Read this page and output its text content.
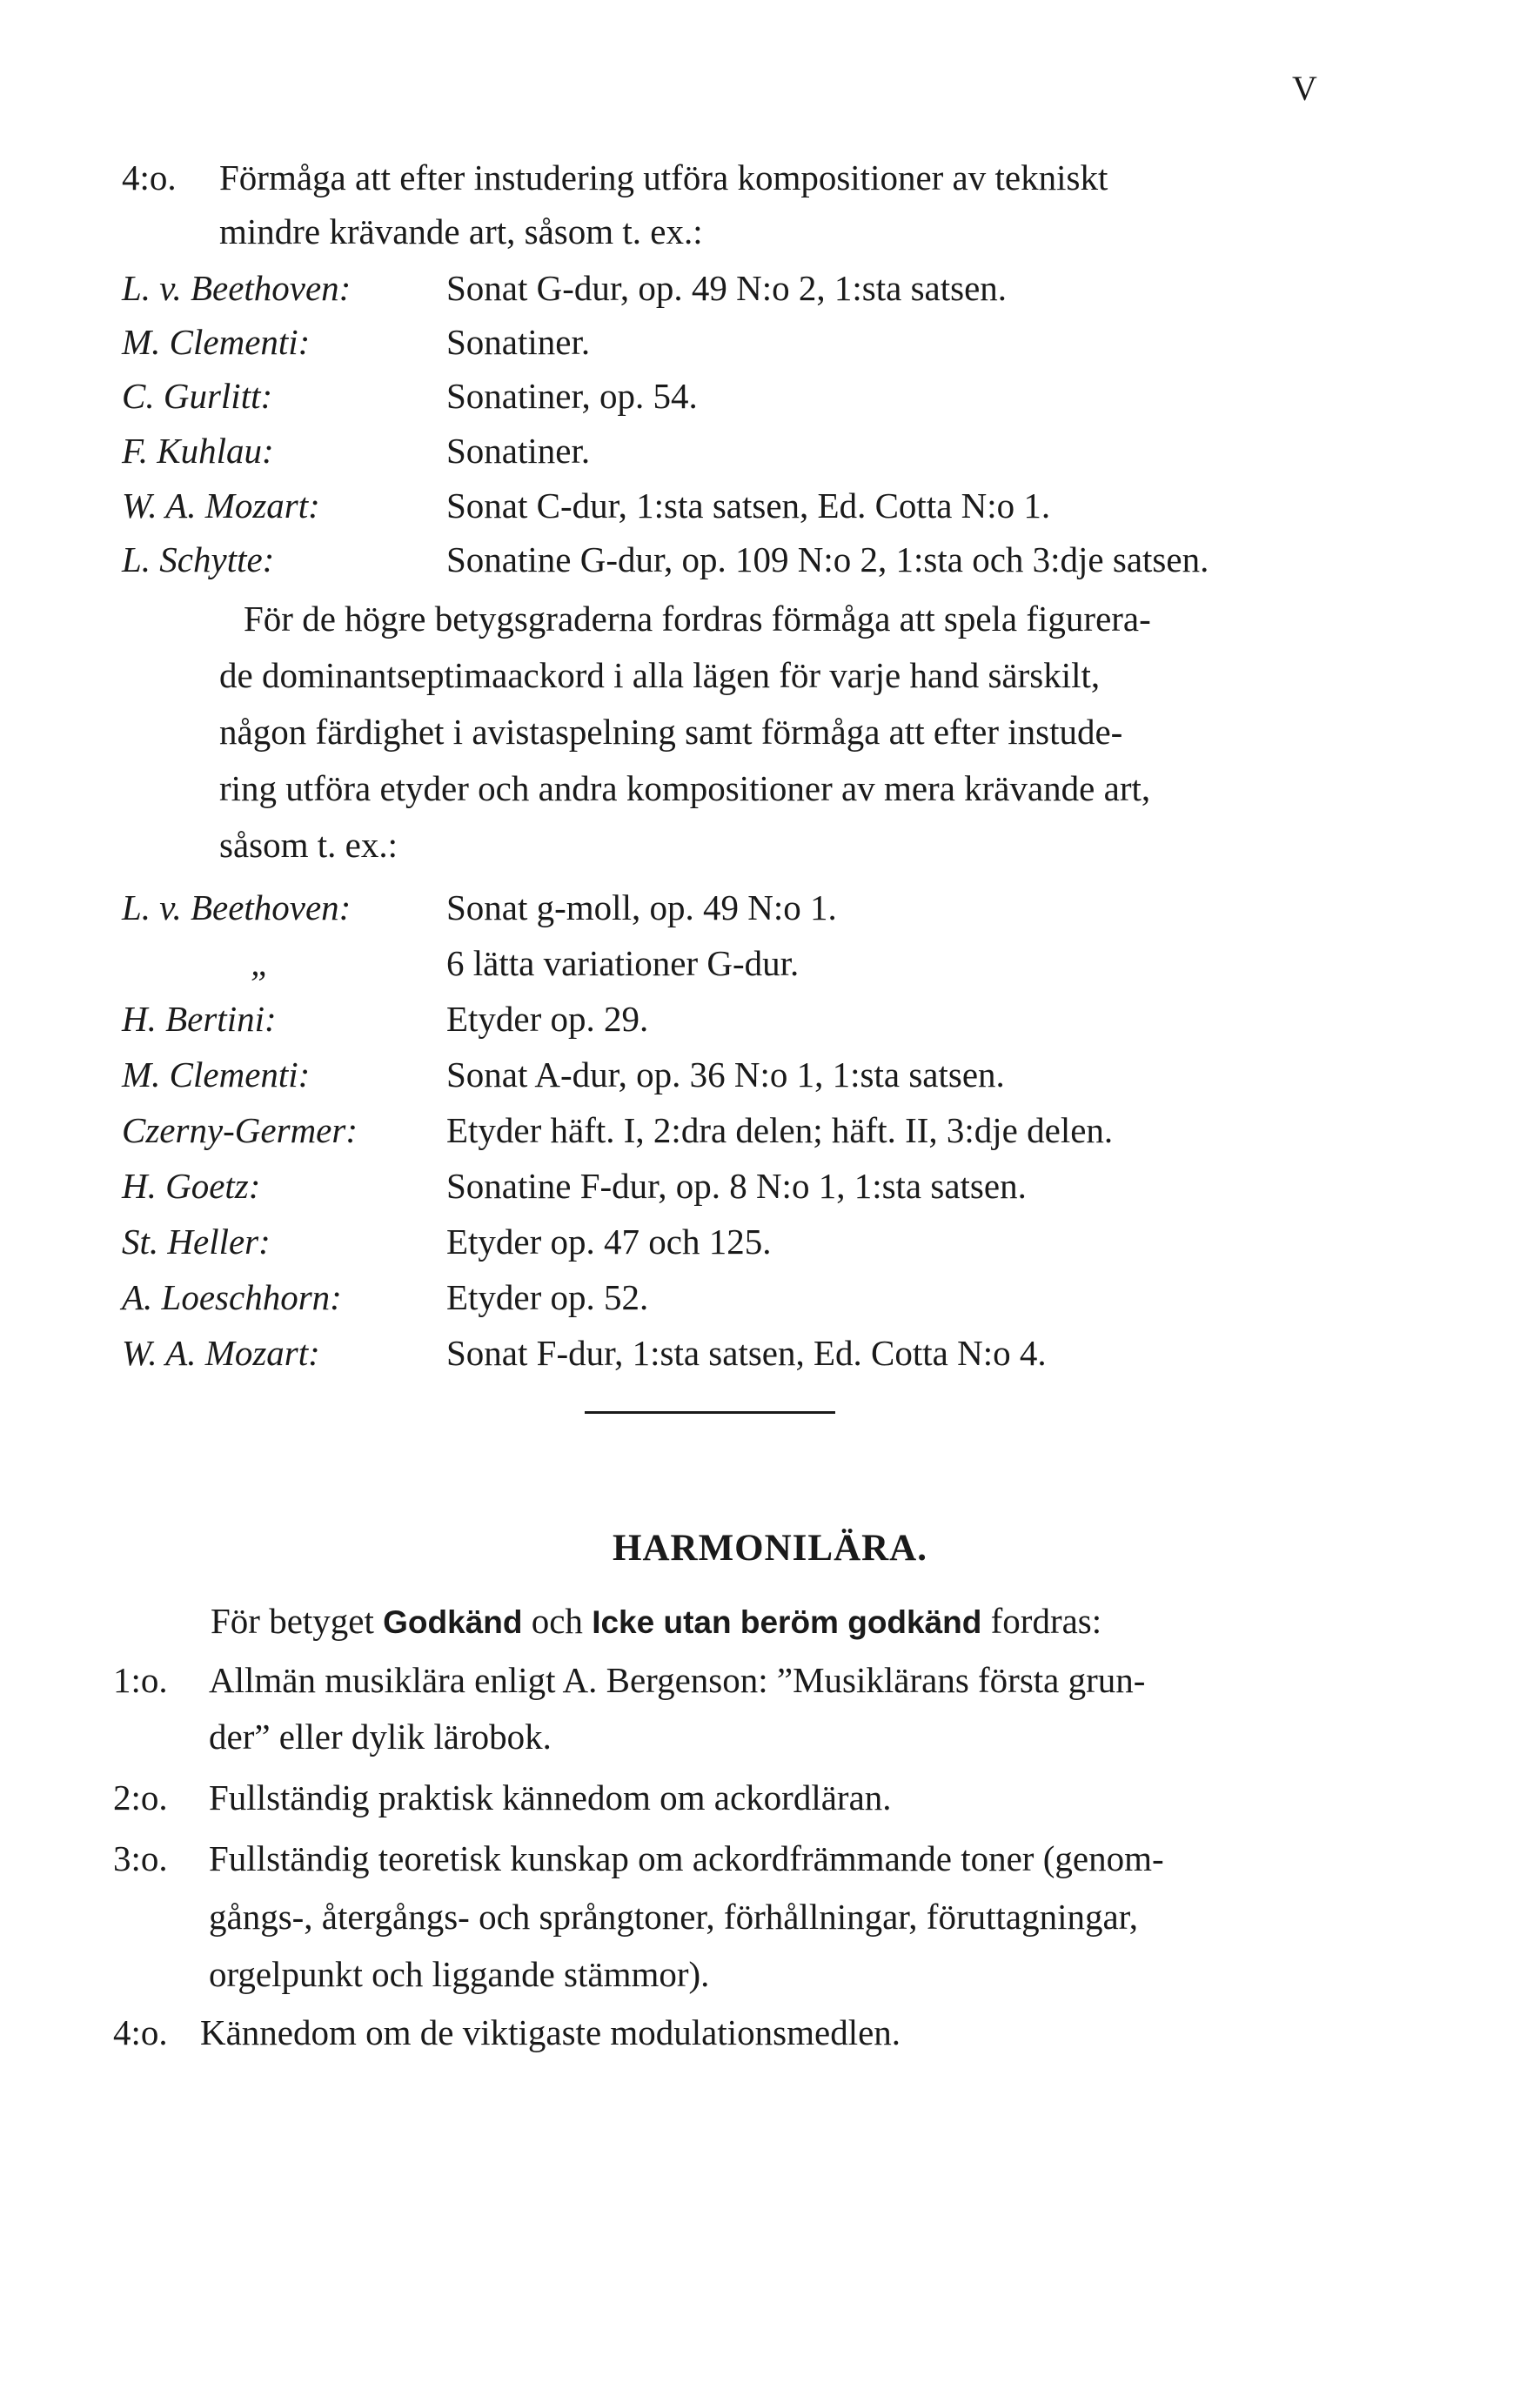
V
4:o. Förmåga att efter instudering utföra kompositioner av tekniskt
mindre krävande art, såsom t. ex.:
L. v. Beethoven:	Sonat G-dur, op. 49 N:o 2, 1:sta satsen.
M. Clementi:	Sonatiner.
C. Gurlitt:	Sonatiner, op. 54.
F. Kuhlau:	Sonatiner.
W. A. Mozart:	Sonat C-dur, 1:sta satsen, Ed. Cotta N:o 1.
L. Schytte:	Sonatine G-dur, op. 109 N:o 2, 1:sta och 3:dje satsen.
För de högre betygsgraderna fordras förmåga att spela figurera-
de dominantseptimaackord i alla lägen för varje hand särskilt,
någon färdighet i avistaspelning samt förmåga att efter instude-
ring utföra etyder och andra kompositioner av mera krävande art,
såsom t. ex.:
L. v. Beethoven:	Sonat g-moll, op. 49 N:o 1.
„	6 lätta variationer G-dur.
H. Bertini:	Etyder op. 29.
M. Clementi:	Sonat A-dur, op. 36 N:o 1, 1:sta satsen.
Czerny-Germer: Etyder häft. I, 2:dra delen; häft. II, 3:dje delen.
H. Goetz:	Sonatine F-dur, op. 8 N:o 1, 1:sta satsen.
St. Heller:	Etyder op. 47 och 125.
A. Loeschhorn:	Etyder op. 52.
W. A. Mozart:	Sonat F-dur, 1:sta satsen, Ed. Cotta N:o 4.
HARMONILÄRA.
För betyget Godkänd och Icke utan beröm godkänd fordras:
1:o. Allmän musiklära enligt A. Bergenson: ”Musiklärans första grun-
der” eller dylik lärobok.
2:o. Fullständig praktisk kännedom om ackordläran.
3:o. Fullständig teoretisk kunskap om ackordfrämmande toner (genom-
gångs-, återgångs- och språngtoner, förhållningar, föruttagningar,
orgelpunkt och liggande stämmor).
4:o. Kännedom om de viktigaste modulationsmedlen.
